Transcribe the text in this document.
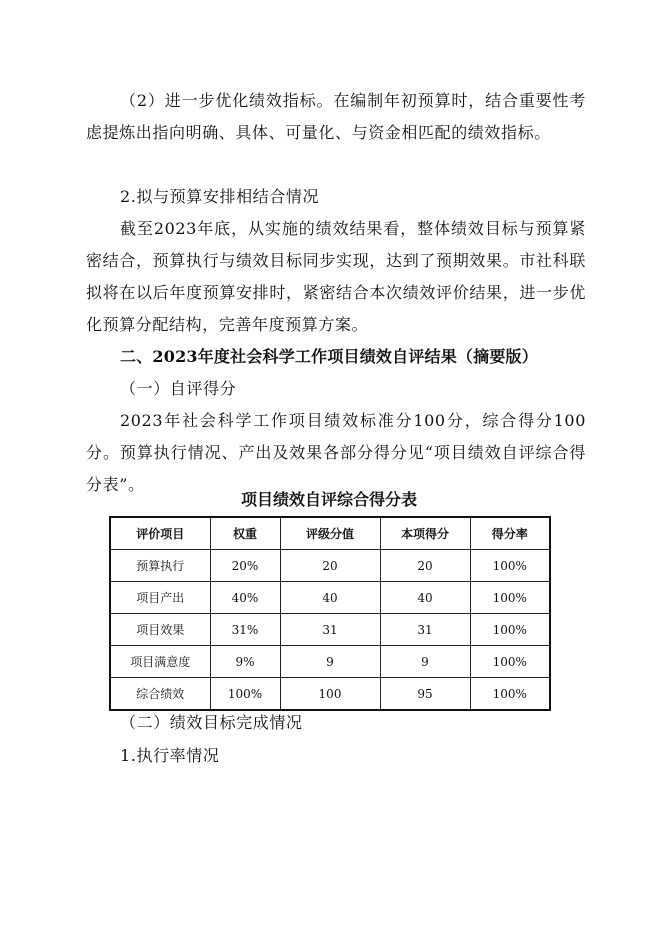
（2）进一步优化绩效指标。在编制年初预算时，结合重要性考虑提炼出指向明确、具体、可量化、与资金相匹配的绩效指标。

2.拟与预算安排相结合情况

截至2023年底，从实施的绩效结果看，整体绩效目标与预算紧密结合，预算执行与绩效目标同步实现，达到了预期效果。市社科联拟将在以后年度预算安排时，紧密结合本次绩效评价结果，进一步优化预算分配结构，完善年度预算方案。

二、2023年度社会科学工作项目绩效自评结果（摘要版）

（一）自评得分

2023年社会科学工作项目绩效标准分100分，综合得分100分。预算执行情况、产出及效果各部分得分见“项目绩效自评综合得分表”。

项目绩效自评综合得分表

评价项目	权重	评级分值	本项得分	得分率
预算执行	20%	20	20	100%
项目产出	40%	40	40	100%
项目效果	31%	31	31	100%
项目满意度	9%	9	9	100%
综合绩效	100%	100	95	100%

（二）绩效目标完成情况

1.执行率情况
